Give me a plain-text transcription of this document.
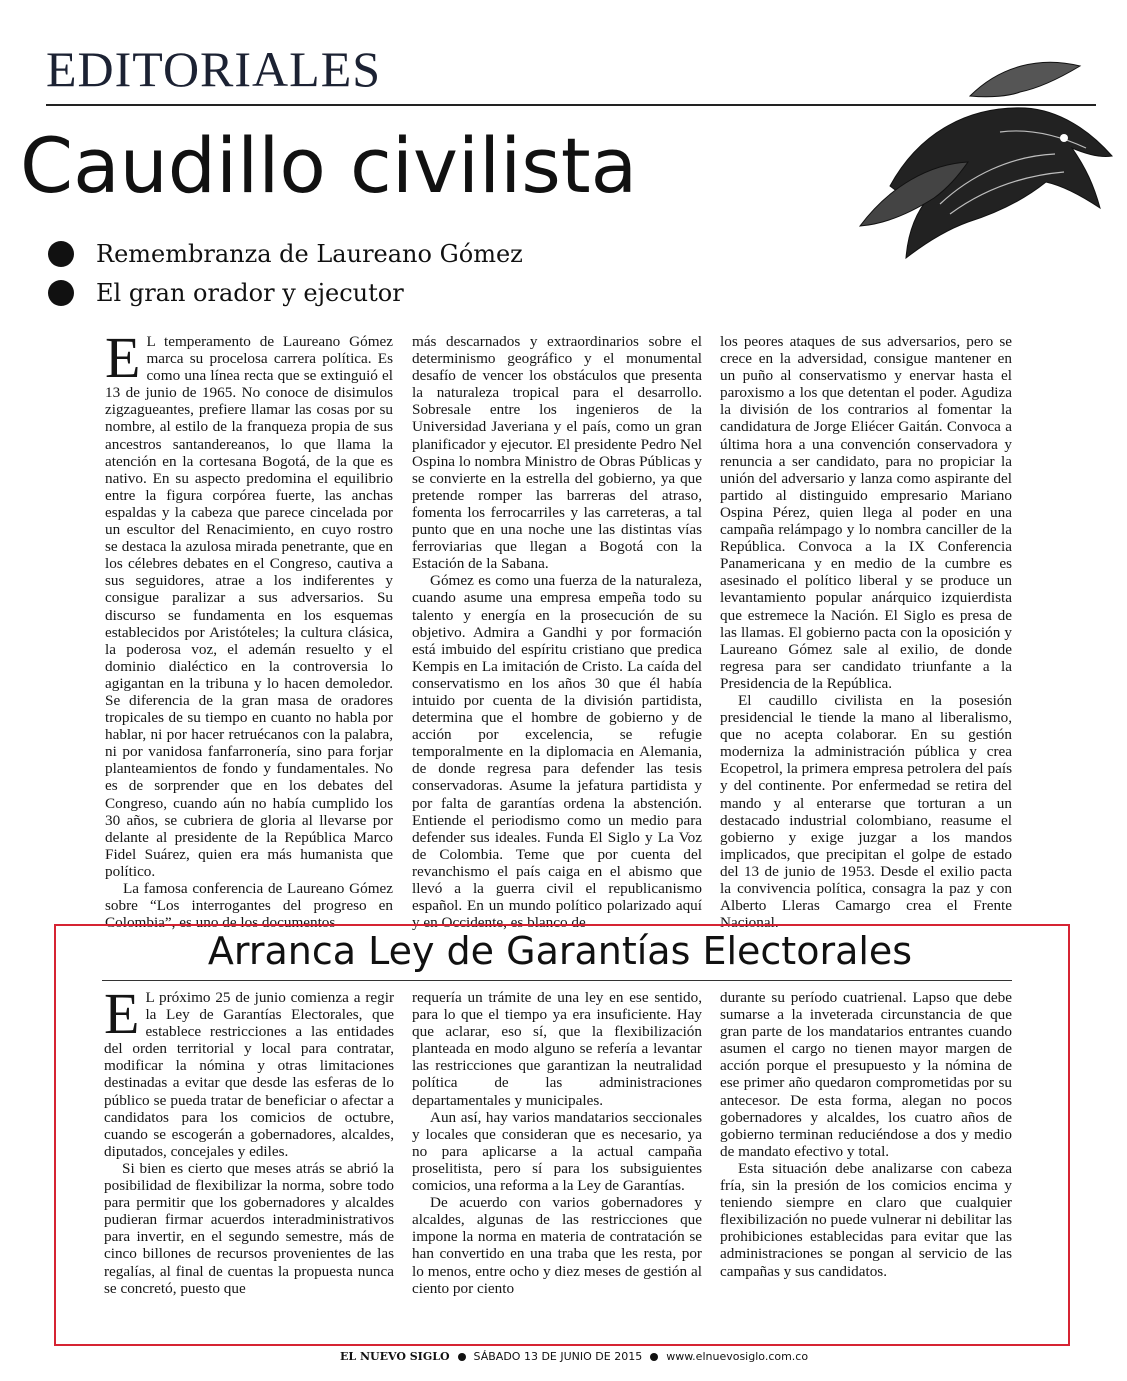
EDITORIALES
Caudillo civilista
Remembranza de Laureano Gómez
El gran orador y ejecutor

E L temperamento de Laureano Gómez marca su procelosa carrera política. Es como una línea recta que se extinguió el 13 de junio de 1965. No conoce de disimulos zigzagueantes, prefiere llamar las cosas por su nombre, al estilo de la franqueza propia de sus ancestros santandereanos, lo que llama la atención en la cortesana Bogotá, de la que es nativo. En su aspecto predomina el equilibrio entre la figura corpórea fuerte, las anchas espaldas y la cabeza que parece cincelada por un escultor del Renacimiento, en cuyo rostro se destaca la azulosa mirada penetrante, que en los célebres debates en el Congreso, cautiva a sus seguidores, atrae a los indiferentes y consigue paralizar a sus adversarios. Su discurso se fundamenta en los esquemas establecidos por Aristóteles; la cultura clásica, la poderosa voz, el ademán resuelto y el dominio dialéctico en la controversia lo agigantan en la tribuna y lo hacen demoledor. Se diferencia de la gran masa de oradores tropicales de su tiempo en cuanto no habla por hablar, ni por hacer retruécanos con la palabra, ni por vanidosa fanfarronería, sino para forjar planteamientos de fondo y fundamentales. No es de sorprender que en los debates del Congreso, cuando aún no había cumplido los 30 años, se cubriera de gloria al llevarse por delante al presidente de la República Marco Fidel Suárez, quien era más humanista que político.

La famosa conferencia de Laureano Gómez sobre “Los interrogantes del progreso en Colombia”, es uno de los documentos

más descarnados y extraordinarios sobre el determinismo geográfico y el monumental desafío de vencer los obstáculos que presenta la naturaleza tropical para el desarrollo. Sobresale entre los ingenieros de la Universidad Javeriana y el país, como un gran planificador y ejecutor. El presidente Pedro Nel Ospina lo nombra Ministro de Obras Públicas y se convierte en la estrella del gobierno, ya que pretende romper las barreras del atraso, fomenta los ferrocarriles y las carreteras, a tal punto que en una noche une las distintas vías ferroviarias que llegan a Bogotá con la Estación de la Sabana.

Gómez es como una fuerza de la naturaleza, cuando asume una empresa empeña todo su talento y energía en la prosecución de su objetivo. Admira a Gandhi y por formación está imbuido del espíritu cristiano que predica Kempis en La imitación de Cristo. La caída del conservatismo en los años 30 que él había intuido por cuenta de la división partidista, determina que el hombre de gobierno y de acción por excelencia, se refugie temporalmente en la diplomacia en Alemania, de donde regresa para defender las tesis conservadoras. Asume la jefatura partidista y por falta de garantías ordena la abstención. Entiende el periodismo como un medio para defender sus ideales. Funda El Siglo y La Voz de Colombia. Teme que por cuenta del revanchismo el país caiga en el abismo que llevó a la guerra civil el republicanismo español. En un mundo político polarizado aquí y en Occidente, es blanco de

los peores ataques de sus adversarios, pero se crece en la adversidad, consigue mantener en un puño al conservatismo y enervar hasta el paroxismo a los que detentan el poder. Agudiza la división de los contrarios al fomentar la candidatura de Jorge Eliécer Gaitán. Convoca a última hora a una convención conservadora y renuncia a ser candidato, para no propiciar la unión del adversario y lanza como aspirante del partido al distinguido empresario Mariano Ospina Pérez, quien llega al poder en una campaña relámpago y lo nombra canciller de la República. Convoca a la IX Conferencia Panamericana y en medio de la cumbre es asesinado el político liberal y se produce un levantamiento popular anárquico izquierdista que estremece la Nación. El Siglo es presa de las llamas. El gobierno pacta con la oposición y Laureano Gómez sale al exilio, de donde regresa para ser candidato triunfante a la Presidencia de la República.

El caudillo civilista en la posesión presidencial le tiende la mano al liberalismo, que no acepta colaborar. En su gestión moderniza la administración pública y crea Ecopetrol, la primera empresa petrolera del país y del continente. Por enfermedad se retira del mando y al enterarse que torturan a un destacado industrial colombiano, reasume el gobierno y exige juzgar a los mandos implicados, que precipitan el golpe de estado del 13 de junio de 1953. Desde el exilio pacta la convivencia política, consagra la paz y con Alberto Lleras Camargo crea el Frente Nacional.

Arranca Ley de Garantías Electorales

E L próximo 25 de junio comienza a regir la Ley de Garantías Electorales, que establece restricciones a las entidades del orden territorial y local para contratar, modificar la nómina y otras limitaciones destinadas a evitar que desde las esferas de lo público se pueda tratar de beneficiar o afectar a candidatos para los comicios de octubre, cuando se escogerán a gobernadores, alcaldes, diputados, concejales y ediles.

Si bien es cierto que meses atrás se abrió la posibilidad de flexibilizar la norma, sobre todo para permitir que los gobernadores y alcaldes pudieran firmar acuerdos interadministrativos para invertir, en el segundo semestre, más de cinco billones de recursos provenientes de las regalías, al final de cuentas la propuesta nunca se concretó, puesto que

requería un trámite de una ley en ese sentido, para lo que el tiempo ya era insuficiente. Hay que aclarar, eso sí, que la flexibilización planteada en modo alguno se refería a levantar las restricciones que garantizan la neutralidad política de las administraciones departamentales y municipales.

Aun así, hay varios mandatarios seccionales y locales que consideran que es necesario, ya no para aplicarse a la actual campaña proselitista, pero sí para los subsiguientes comicios, una reforma a la Ley de Garantías.

De acuerdo con varios gobernadores y alcaldes, algunas de las restricciones que impone la norma en materia de contratación se han convertido en una traba que les resta, por lo menos, entre ocho y diez meses de gestión al ciento por ciento

durante su período cuatrienal. Lapso que debe sumarse a la inveterada circunstancia de que gran parte de los mandatarios entrantes cuando asumen el cargo no tienen mayor margen de acción porque el presupuesto y la nómina de ese primer año quedaron comprometidas por su antecesor. De esta forma, alegan no pocos gobernadores y alcaldes, los cuatro años de gobierno terminan reduciéndose a dos y medio de mandato efectivo y total.

Esta situación debe analizarse con cabeza fría, sin la presión de los comicios encima y teniendo siempre en claro que cualquier flexibilización no puede vulnerar ni debilitar las prohibiciones establecidas para evitar que las administraciones se pongan al servicio de las campañas y sus candidatos.

EL NUEVO SIGLO SÁBADO 13 DE JUNIO DE 2015 www.elnuevosiglo.com.co
